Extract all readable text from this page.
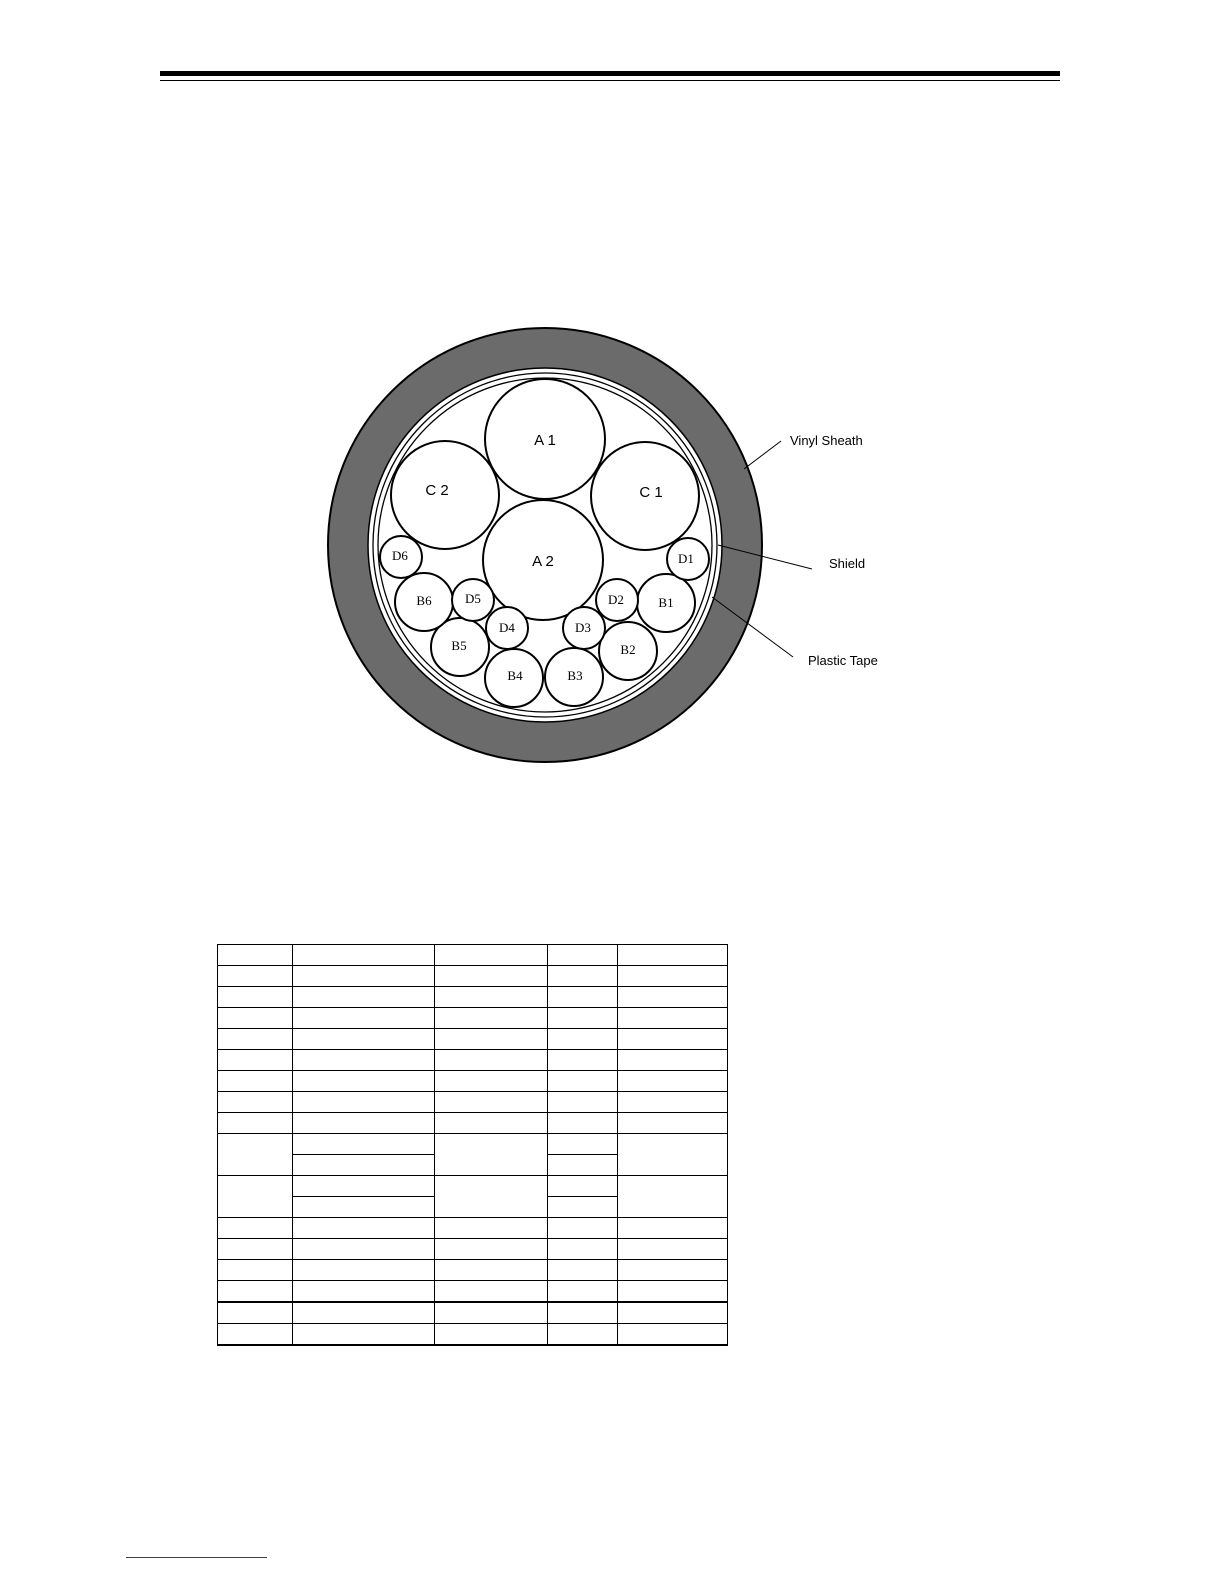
A 1
A 2
C 2	C 1
B1
B2
B3
B4
B5
B6
D1
D2
D3
D4
D5
D6
Vinyl Sheath
Shield
Plastic Tape
